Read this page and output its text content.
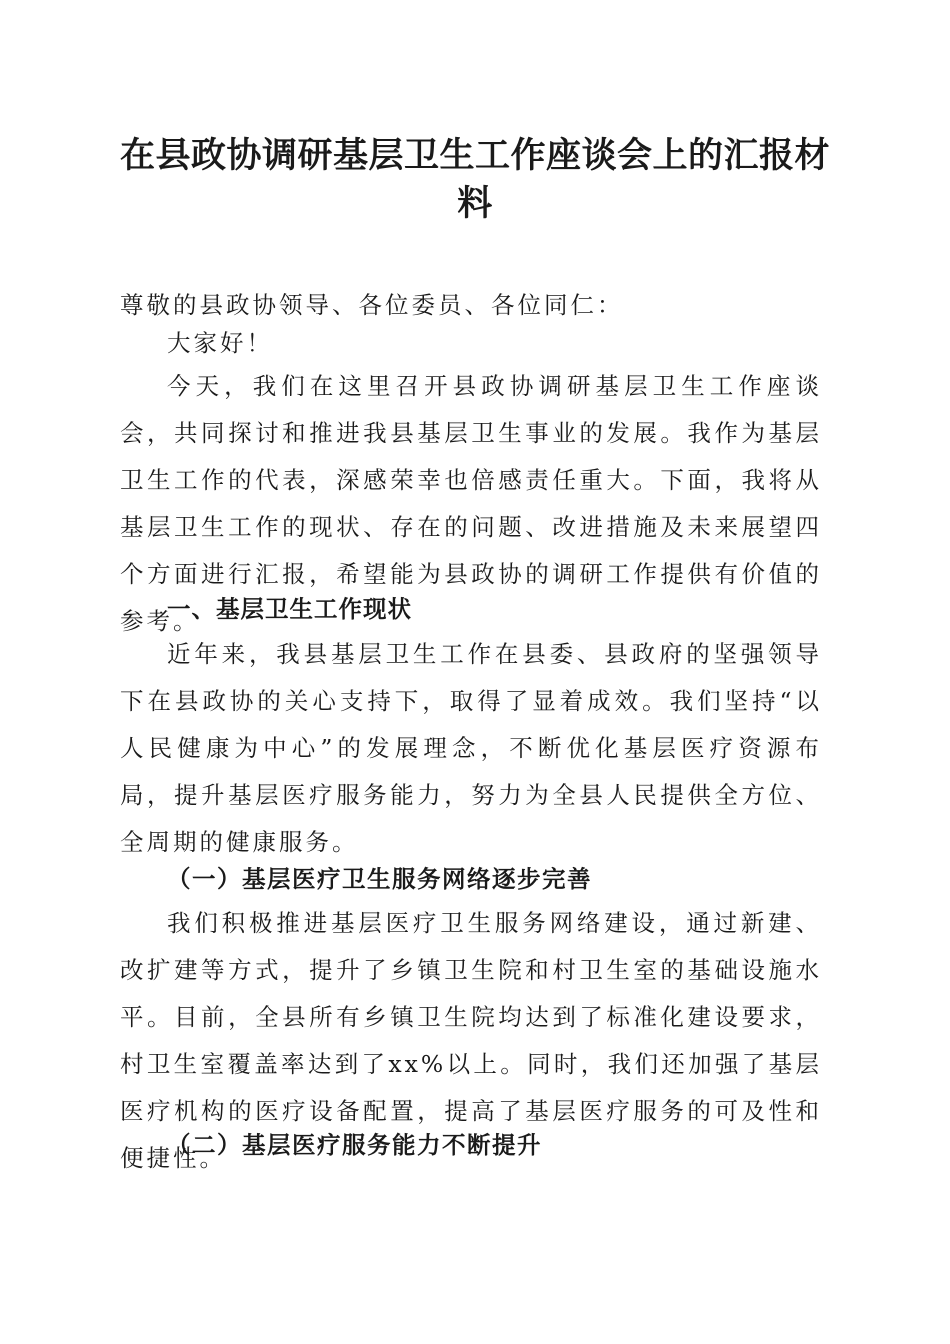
在县政协调研基层卫生工作座谈会上的汇报材料

尊敬的县政协领导、各位委员、各位同仁：

大家好！

今天，我们在这里召开县政协调研基层卫生工作座谈会，共同探讨和推进我县基层卫生事业的发展。我作为基层卫生工作的代表，深感荣幸也倍感责任重大。下面，我将从基层卫生工作的现状、存在的问题、改进措施及未来展望四个方面进行汇报，希望能为县政协的调研工作提供有价值的参考。

一、基层卫生工作现状

近年来，我县基层卫生工作在县委、县政府的坚强领导下在县政协的关心支持下，取得了显着成效。我们坚持“以人民健康为中心”的发展理念，不断优化基层医疗资源布局，提升基层医疗服务能力，努力为全县人民提供全方位、全周期的健康服务。

（一）基层医疗卫生服务网络逐步完善

我们积极推进基层医疗卫生服务网络建设，通过新建、改扩建等方式，提升了乡镇卫生院和村卫生室的基础设施水平。目前，全县所有乡镇卫生院均达到了标准化建设要求，村卫生室覆盖率达到了xx%以上。同时，我们还加强了基层医疗机构的医疗设备配置，提高了基层医疗服务的可及性和便捷性。

（二）基层医疗服务能力不断提升
